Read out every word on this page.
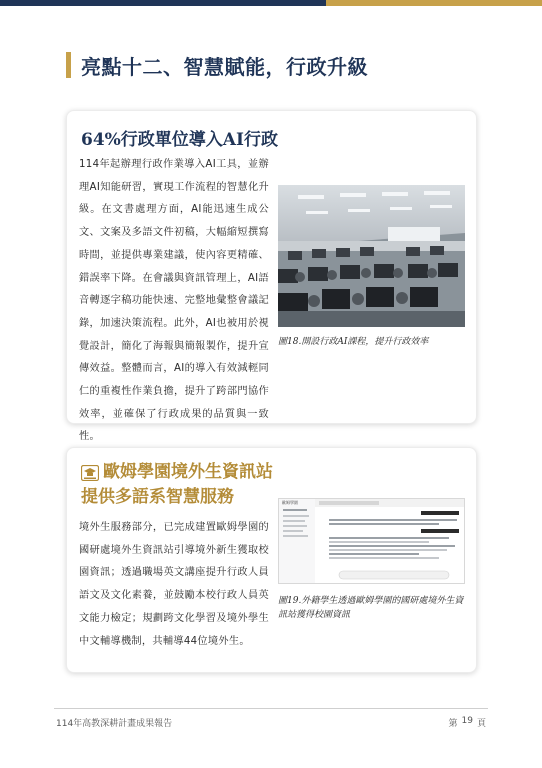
亮點十二、智慧賦能，行政升級
64%行政單位導入AI行政

114年起辦理行政作業導入AI工具，並辦理AI知能研習，實現工作流程的智慧化升級。在文書處理方面，AI能迅速生成公文、文案及多語文件初稿，大幅縮短撰寫時間，並提供專業建議，使內容更精確、錯誤率下降。在會議與資訊管理上，AI語音轉逐字稿功能快速、完整地彙整會議記錄，加速決策流程。此外，AI也被用於視覺設計，簡化了海報與簡報製作，提升宣傳效益。整體而言，AI的導入有效減輕同仁的重複性作業負擔，提升了跨部門協作效率，並確保了行政成果的品質與一致性。

圖18.開設行政AI課程，提升行政效率

歐姆學園境外生資訊站
提供多語系智慧服務

境外生服務部分，已完成建置歐姆學園的國研處境外生資訊站引導境外新生獲取校園資訊；透過職場英文講座提升行政人員語文及文化素養，並鼓勵本校行政人員英文能力檢定；規劃跨文化學習及境外學生中文輔導機制，共輔導44位境外生。

歐姆學園

圖19.外籍學生透過歐姆學園的國研處境外生資訊站獲得校園資訊

114年高教深耕計畫成果報告	第 19 頁
